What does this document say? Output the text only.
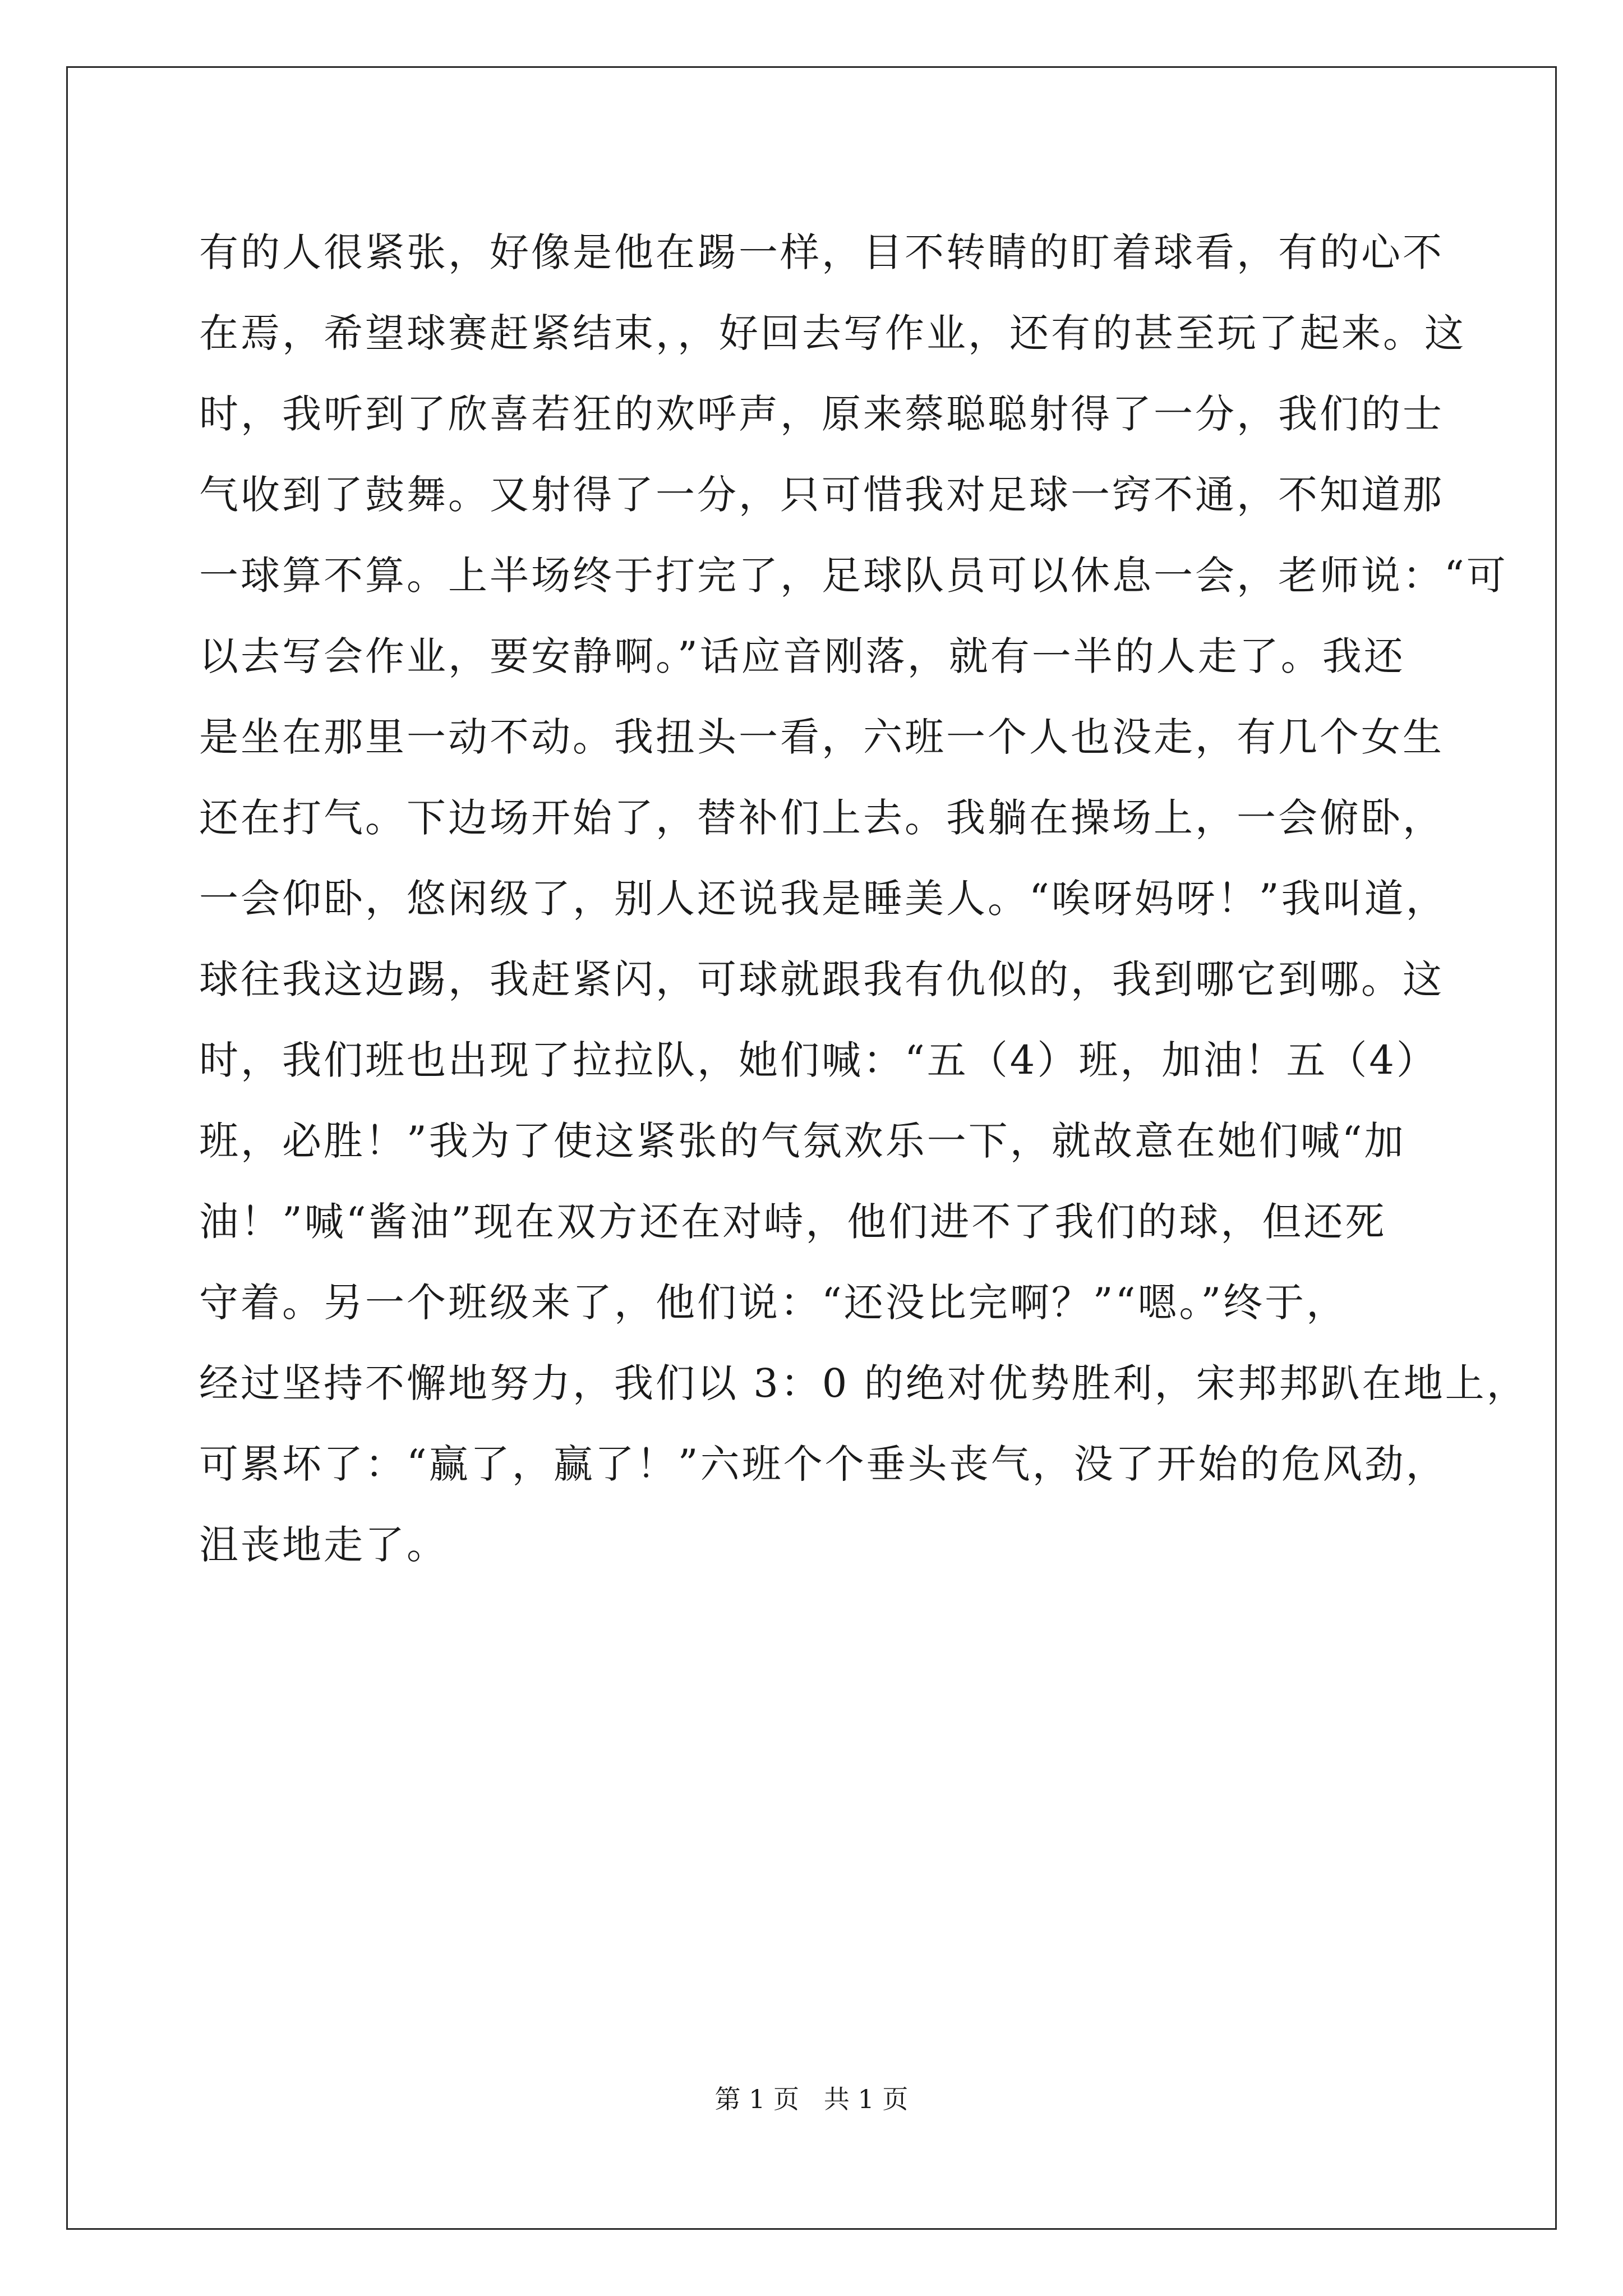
有的人很紧张，好像是他在踢一样，目不转睛的盯着球看，有的心不
在焉，希望球赛赶紧结束，，好回去写作业，还有的甚至玩了起来。这
时，我听到了欣喜若狂的欢呼声，原来蔡聪聪射得了一分，我们的士
气收到了鼓舞。又射得了一分，只可惜我对足球一窍不通，不知道那
一球算不算。上半场终于打完了，足球队员可以休息一会，老师说：“可
以去写会作业，要安静啊。”话应音刚落，就有一半的人走了。我还
是坐在那里一动不动。我扭头一看，六班一个人也没走，有几个女生
还在打气。下边场开始了，替补们上去。我躺在操场上，一会俯卧，
一会仰卧，悠闲级了，别人还说我是睡美人。“唉呀妈呀！”我叫道，
球往我这边踢，我赶紧闪，可球就跟我有仇似的，我到哪它到哪。这
时，我们班也出现了拉拉队，她们喊：“五（4）班，加油！五（4）
班，必胜！”我为了使这紧张的气氛欢乐一下，就故意在她们喊“加
油！”喊“酱油”现在双方还在对峙，他们进不了我们的球，但还死
守着。另一个班级来了，他们说：“还没比完啊？”“嗯。”终于，
经过坚持不懈地努力，我们以 3：0 的绝对优势胜利，宋邦邦趴在地上，
可累坏了：“赢了，赢了！”六班个个垂头丧气，没了开始的危风劲，
沮丧地走了。
第 1 页   共 1 页
